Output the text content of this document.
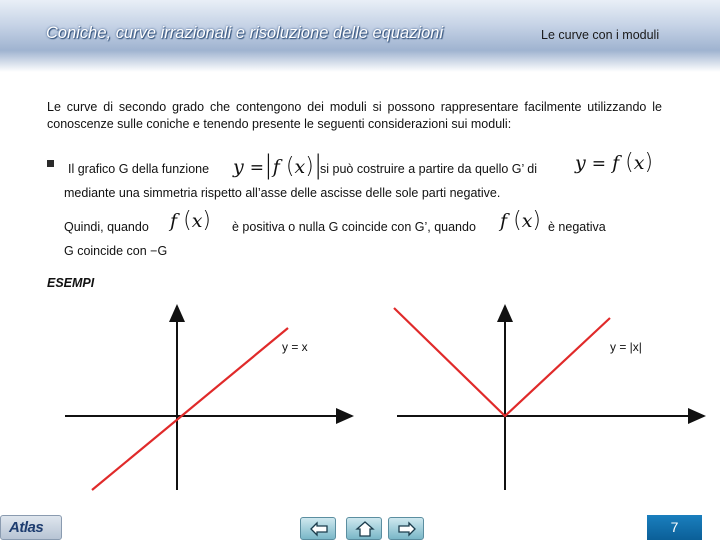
Coniche, curve irrazionali e risoluzione delle equazioni	Le curve con i moduli
Le curve di secondo grado che contengono dei moduli si possono rappresentare facilmente utilizzando le conoscenze sulle coniche e tenendo presente le seguenti considerazioni sui moduli:
Il grafico G della funzione y =|f (x)|
si può costruire a partire da quello G’ di y = f (x)
mediante una simmetria rispetto all’asse delle ascisse delle sole parti negative.
Quindi, quando f (x) è positiva o nulla G coincide con G’, quando f (x) è negativa
G coincide con −G
ESEMPI
y = x	y = |x|
Atlas	7
